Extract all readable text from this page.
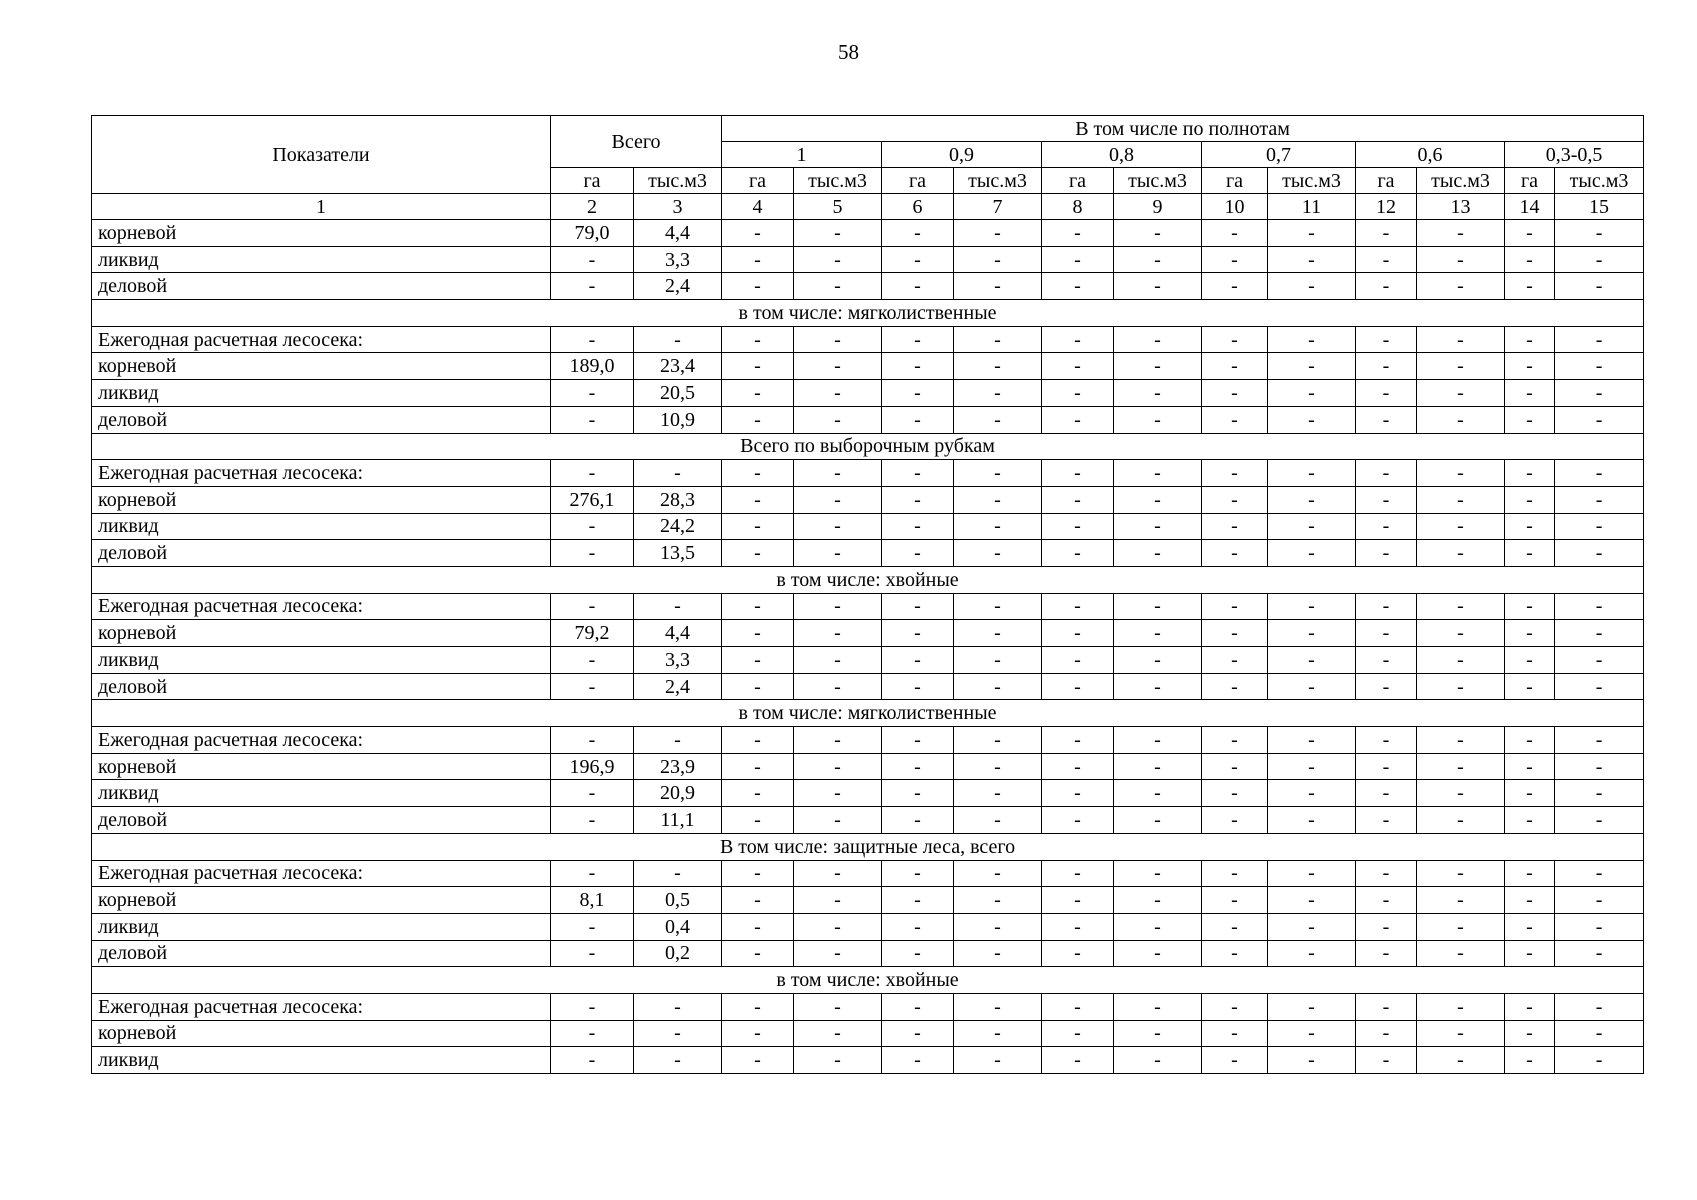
58
Показатели	Всего		В том числе по полнотам											
			1		0,9		0,8		0,7		0,6		0,3-0,5	
	га	тыс.м3	га	тыс.м3	га	тыс.м3	га	тыс.м3	га	тыс.м3	га	тыс.м3	га	тыс.м3
1	2	3	4	5	6	7	8	9	10	11	12	13	14	15
корневой	79,0	4,4	-	-	-	-	-	-	-	-	-	-	-	-
ликвид	-	3,3	-	-	-	-	-	-	-	-	-	-	-	-
деловой	-	2,4	-	-	-	-	-	-	-	-	-	-	-	-
в том числе: мягколиственные														
Ежегодная расчетная лесосека:	-	-	-	-	-	-	-	-	-	-	-	-	-	-
корневой	189,0	23,4	-	-	-	-	-	-	-	-	-	-	-	-
ликвид	-	20,5	-	-	-	-	-	-	-	-	-	-	-	-
деловой	-	10,9	-	-	-	-	-	-	-	-	-	-	-	-
Всего по выборочным рубкам														
Ежегодная расчетная лесосека:	-	-	-	-	-	-	-	-	-	-	-	-	-	-
корневой	276,1	28,3	-	-	-	-	-	-	-	-	-	-	-	-
ликвид	-	24,2	-	-	-	-	-	-	-	-	-	-	-	-
деловой	-	13,5	-	-	-	-	-	-	-	-	-	-	-	-
в том числе: хвойные														
Ежегодная расчетная лесосека:	-	-	-	-	-	-	-	-	-	-	-	-	-	-
корневой	79,2	4,4	-	-	-	-	-	-	-	-	-	-	-	-
ликвид	-	3,3	-	-	-	-	-	-	-	-	-	-	-	-
деловой	-	2,4	-	-	-	-	-	-	-	-	-	-	-	-
в том числе: мягколиственные														
Ежегодная расчетная лесосека:	-	-	-	-	-	-	-	-	-	-	-	-	-	-
корневой	196,9	23,9	-	-	-	-	-	-	-	-	-	-	-	-
ликвид	-	20,9	-	-	-	-	-	-	-	-	-	-	-	-
деловой	-	11,1	-	-	-	-	-	-	-	-	-	-	-	-
В том числе: защитные леса, всего														
Ежегодная расчетная лесосека:	-	-	-	-	-	-	-	-	-	-	-	-	-	-
корневой	8,1	0,5	-	-	-	-	-	-	-	-	-	-	-	-
ликвид	-	0,4	-	-	-	-	-	-	-	-	-	-	-	-
деловой	-	0,2	-	-	-	-	-	-	-	-	-	-	-	-
в том числе: хвойные														
Ежегодная расчетная лесосека:	-	-	-	-	-	-	-	-	-	-	-	-	-	-
корневой	-	-	-	-	-	-	-	-	-	-	-	-	-	-
ликвид	-	-	-	-	-	-	-	-	-	-	-	-	-	-
